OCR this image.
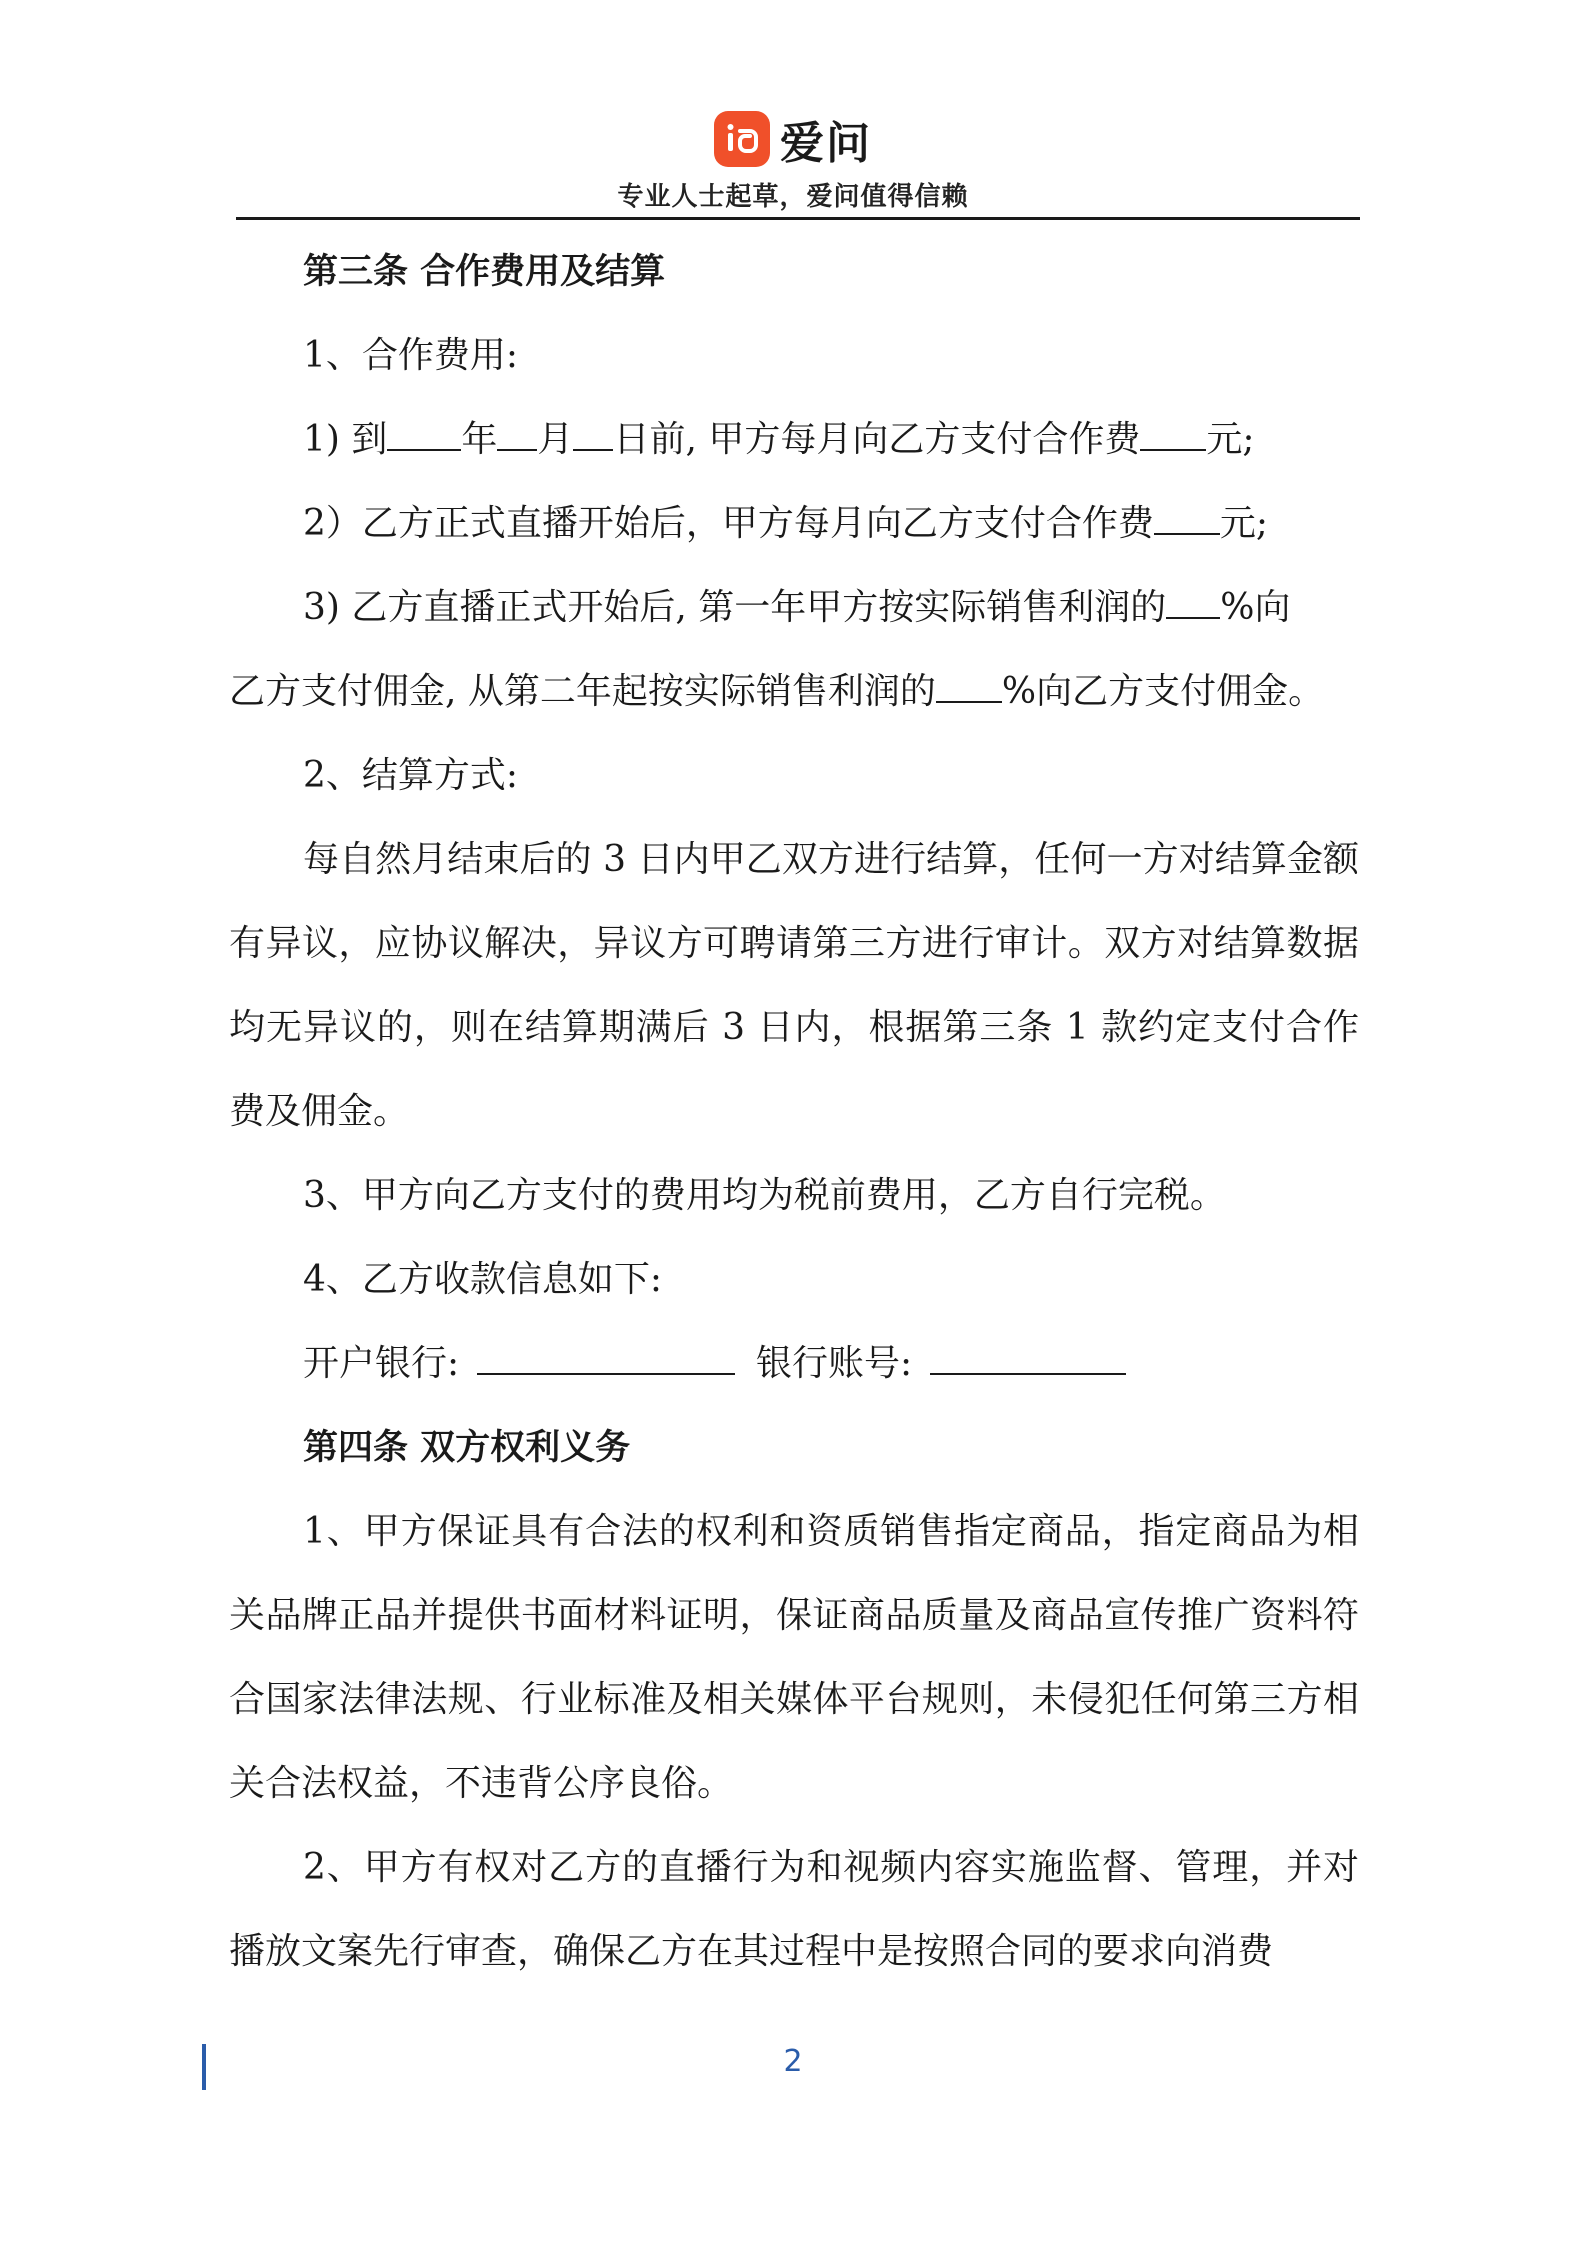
爱问
专业人士起草，爱问值得信赖
第三条 合作费用及结算

1、合作费用:

1) 到 年 月 日前, 甲方每月向乙方支付合作费 元;

2）乙方正式直播开始后，甲方每月向乙方支付合作费 元;

3) 乙方直播正式开始后, 第一年甲方按实际销售利润的 %向

乙方支付佣金, 从第二年起按实际销售利润的 %向乙方支付佣金。

2、结算方式:

每自然月结束后的 3 日内甲乙双方进行结算，任何一方对结算金额有异议，应协议解决，异议方可聘请第三方进行审计。双方对结算数据均无异议的，则在结算期满后 3 日内，根据第三条 1 款约定支付合作费及佣金。

3、甲方向乙方支付的费用均为税前费用，乙方自行完税。

4、乙方收款信息如下:

开户银行:	银行账号:

第四条 双方权利义务

1、甲方保证具有合法的权利和资质销售指定商品，指定商品为相关品牌正品并提供书面材料证明，保证商品质量及商品宣传推广资料符合国家法律法规、行业标准及相关媒体平台规则，未侵犯任何第三方相关合法权益，不违背公序良俗。

2、甲方有权对乙方的直播行为和视频内容实施监督、管理，并对播放文案先行审查，确保乙方在其过程中是按照合同的要求向消费

2
